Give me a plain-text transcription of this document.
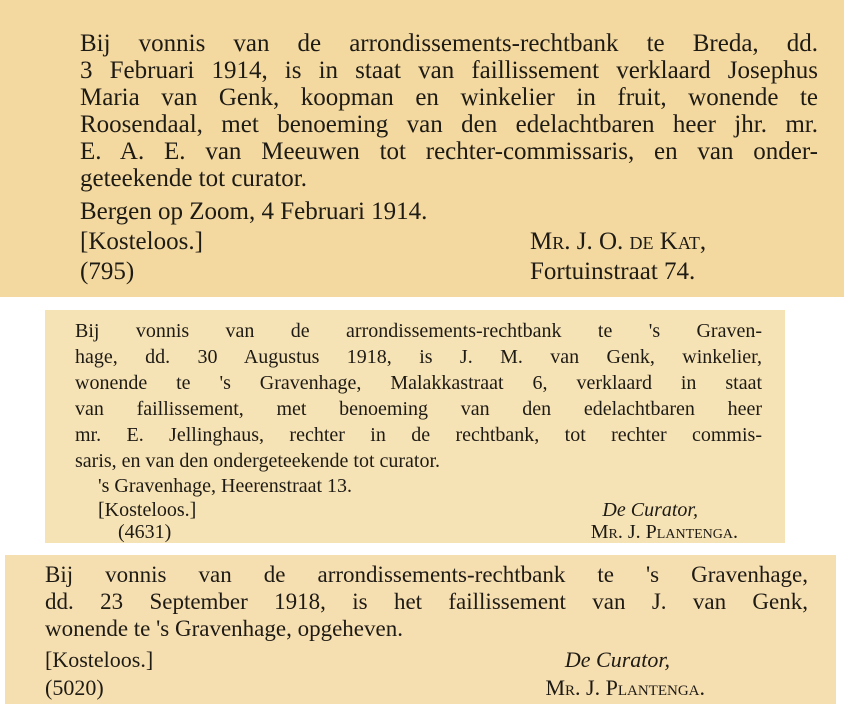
Bij vonnis van de arrondissements-rechtbank te Breda, dd.
3 Februari 1914, is in staat van faillissement verklaard Josephus
Maria van Genk, koopman en winkelier in fruit, wonende te
Roosendaal, met benoeming van den edelachtbaren heer jhr. mr.
E. A. E. van Meeuwen tot rechter-commissaris, en van onder-
geteekende tot curator.
Bergen op Zoom, 4 Februari 1914.
[Kosteloos.]	Mr. J. O. de Kat,
(795)	Fortuinstraat 74.
Bij vonnis van de arrondissements-rechtbank te 's Graven-
hage, dd. 30 Augustus 1918, is J. M. van Genk, winkelier,
wonende te 's Gravenhage, Malakkastraat 6, verklaard in staat
van faillissement, met benoeming van den edelachtbaren heer
mr. E. Jellinghaus, rechter in de rechtbank, tot rechter commis-
saris, en van den ondergeteekende tot curator.
's Gravenhage, Heerenstraat 13.
[Kosteloos.]	De Curator,
(4631)	Mr. J. Plantenga.
Bij vonnis van de arrondissements-rechtbank te 's Gravenhage,
dd. 23 September 1918, is het faillissement van J. van Genk,
wonende te 's Gravenhage, opgeheven.
[Kosteloos.]	De Curator,
(5020)	Mr. J. Plantenga.
